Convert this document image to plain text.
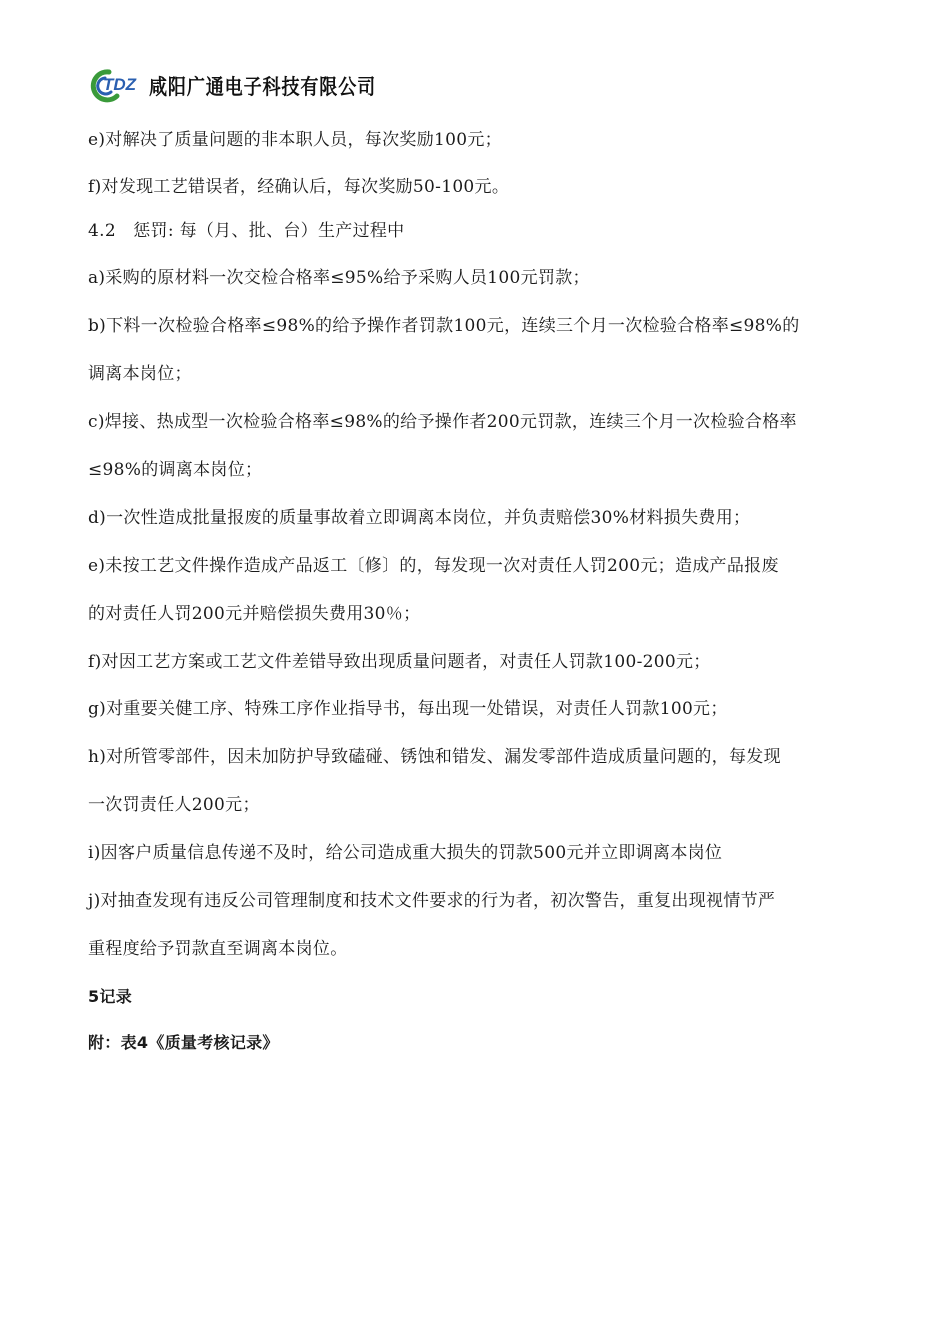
TDZ 咸阳广通电子科技有限公司
e)对解决了质量问题的非本职人员，每次奖励100元；
f)对发现工艺错误者，经确认后，每次奖励50-100元。
4.2　惩罚: 每（月、批、台）生产过程中
a)采购的原材料一次交检合格率≤95%给予采购人员100元罚款；
b)下料一次检验合格率≤98%的给予操作者罚款100元，连续三个月一次检验合格率≤98%的
调离本岗位；
c)焊接、热成型一次检验合格率≤98%的给予操作者200元罚款，连续三个月一次检验合格率
≤98%的调离本岗位；
d)一次性造成批量报废的质量事故着立即调离本岗位，并负责赔偿30%材料损失费用；
e)未按工艺文件操作造成产品返工〔修〕的，每发现一次对责任人罚200元；造成产品报废
的对责任人罚200元并赔偿损失费用30％；
f)对因工艺方案或工艺文件差错导致出现质量问题者，对责任人罚款100-200元；
g)对重要关健工序、特殊工序作业指导书，每出现一处错误，对责任人罚款100元；
h)对所管零部件，因未加防护导致磕碰、锈蚀和错发、漏发零部件造成质量问题的，每发现
一次罚责任人200元；
i)因客户质量信息传递不及时，给公司造成重大损失的罚款500元并立即调离本岗位
j)对抽查发现有违反公司管理制度和技术文件要求的行为者，初次警告，重复出现视情节严
重程度给予罚款直至调离本岗位。
5记录
附：表4《质量考核记录》
